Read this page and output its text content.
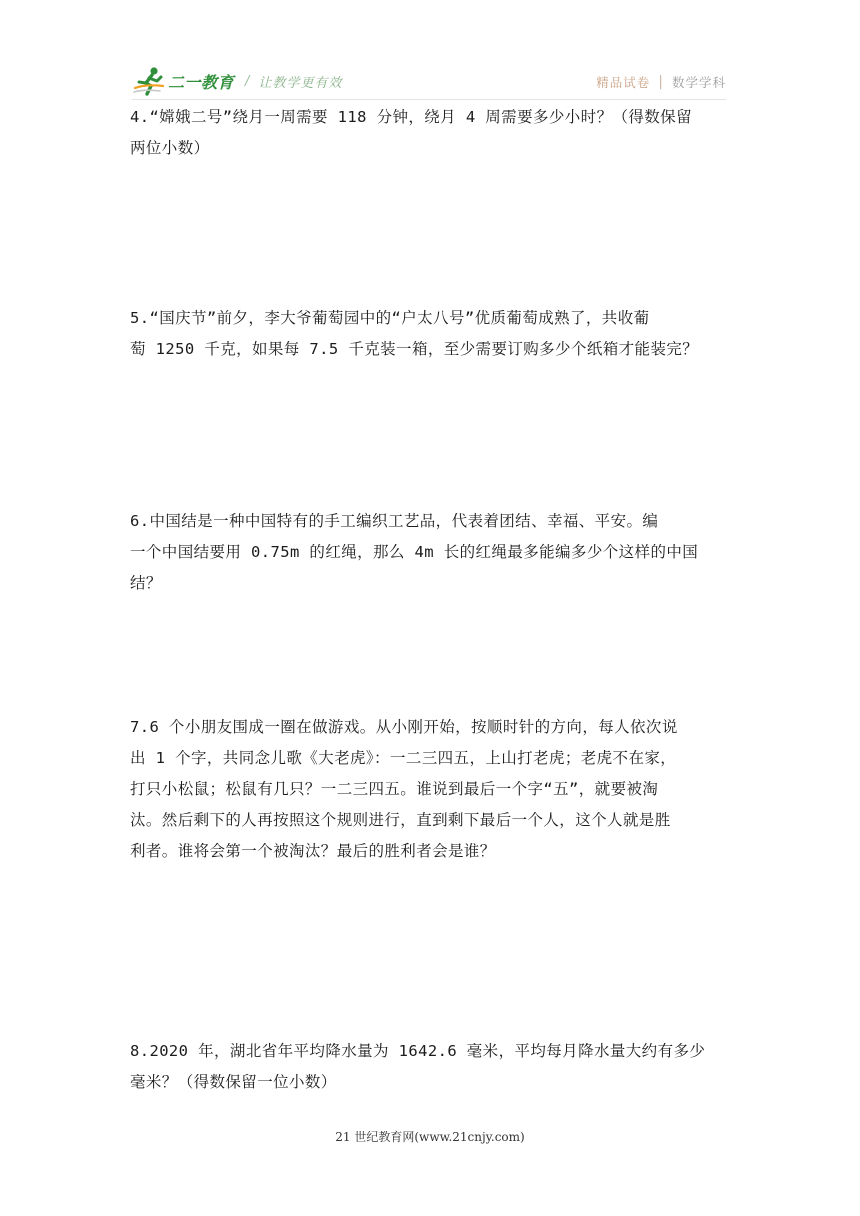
二一教育 / 让教学更有效	精品试卷 | 数学学科
4.“嫦娥二号”绕月一周需要 118 分钟，绕月 4 周需要多少小时？（得数保留
两位小数）
5.“国庆节”前夕，李大爷葡萄园中的“户太八号”优质葡萄成熟了，共收葡
萄 1250 千克，如果每 7.5 千克装一箱，至少需要订购多少个纸箱才能装完？
6.中国结是一种中国特有的手工编织工艺品，代表着团结、幸福、平安。编
一个中国结要用 0.75m 的红绳，那么 4m 长的红绳最多能编多少个这样的中国
结？
7.6 个小朋友围成一圈在做游戏。从小刚开始，按顺时针的方向，每人依次说
出 1 个字，共同念儿歌《大老虎》：一二三四五，上山打老虎；老虎不在家，
打只小松鼠；松鼠有几只？一二三四五。谁说到最后一个字“五”，就要被淘
汰。然后剩下的人再按照这个规则进行，直到剩下最后一个人，这个人就是胜
利者。谁将会第一个被淘汰？最后的胜利者会是谁？
8.2020 年，湖北省年平均降水量为 1642.6 毫米，平均每月降水量大约有多少
毫米？（得数保留一位小数）
21 世纪教育网(www.21cnjy.com)
